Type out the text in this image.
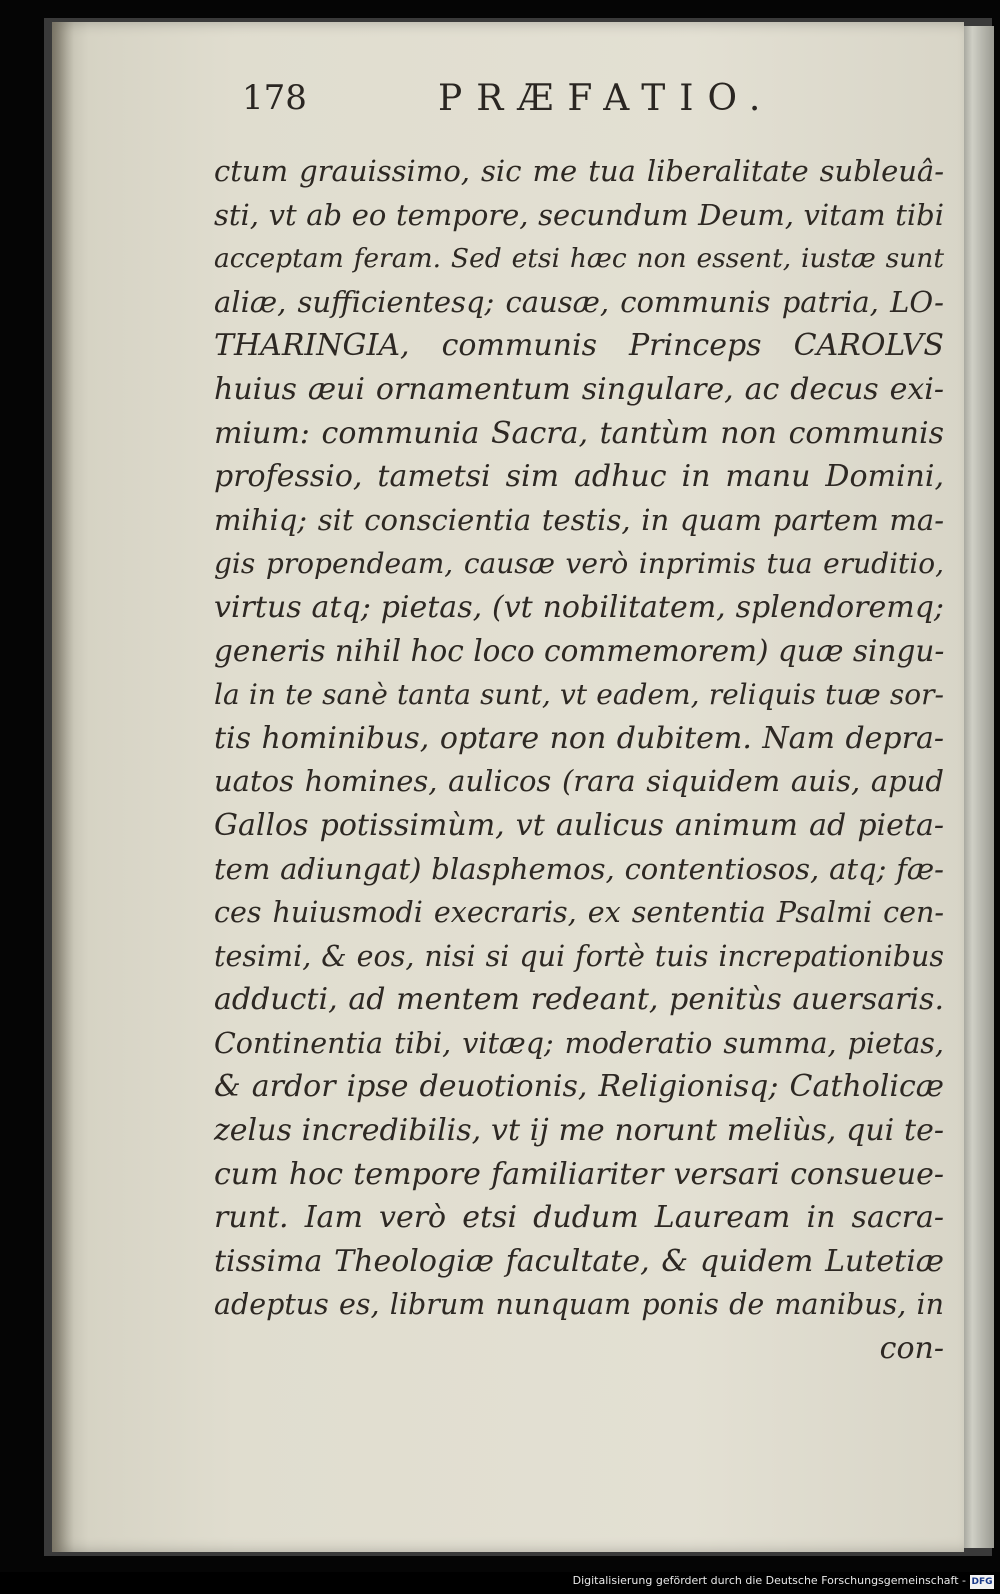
178	PRÆFATIO.
ctum grauissimo, sic me tua liberalitate subleuâ-
sti, vt ab eo tempore, secundum Deum, vitam tibi
acceptam feram. Sed etsi hæc non essent, iustæ sunt
aliæ, sufficientesq; causæ, communis patria, LO-
THARINGIA, communis Princeps CAROLVS
huius æui ornamentum singulare, ac decus exi-
mium: communia Sacra, tantùm non communis
professio, tametsi sim adhuc in manu Domini,
mihiq; sit conscientia testis, in quam partem ma-
gis propendeam, causæ verò inprimis tua eruditio,
virtus atq; pietas, (vt nobilitatem, splendoremq;
generis nihil hoc loco commemorem) quæ singu-
la in te sanè tanta sunt, vt eadem, reliquis tuæ sor-
tis hominibus, optare non dubitem. Nam depra-
uatos homines, aulicos (rara siquidem auis, apud
Gallos potissimùm, vt aulicus animum ad pieta-
tem adiungat) blasphemos, contentiosos, atq; fæ-
ces huiusmodi execraris, ex sententia Psalmi cen-
tesimi, & eos, nisi si qui fortè tuis increpationibus
adducti, ad mentem redeant, penitùs auersaris.
Continentia tibi, vitæq; moderatio summa, pietas,
& ardor ipse deuotionis, Religionisq; Catholicæ
zelus incredibilis, vt ij me norunt meliùs, qui te-
cum hoc tempore familiariter versari consueue-
runt. Iam verò etsi dudum Lauream in sacra-
tissima Theologiæ facultate, & quidem Lutetiæ
adeptus es, librum nunquam ponis de manibus, in
con-
Digitalisierung gefördert durch die Deutsche Forschungsgemeinschaft - DFG
